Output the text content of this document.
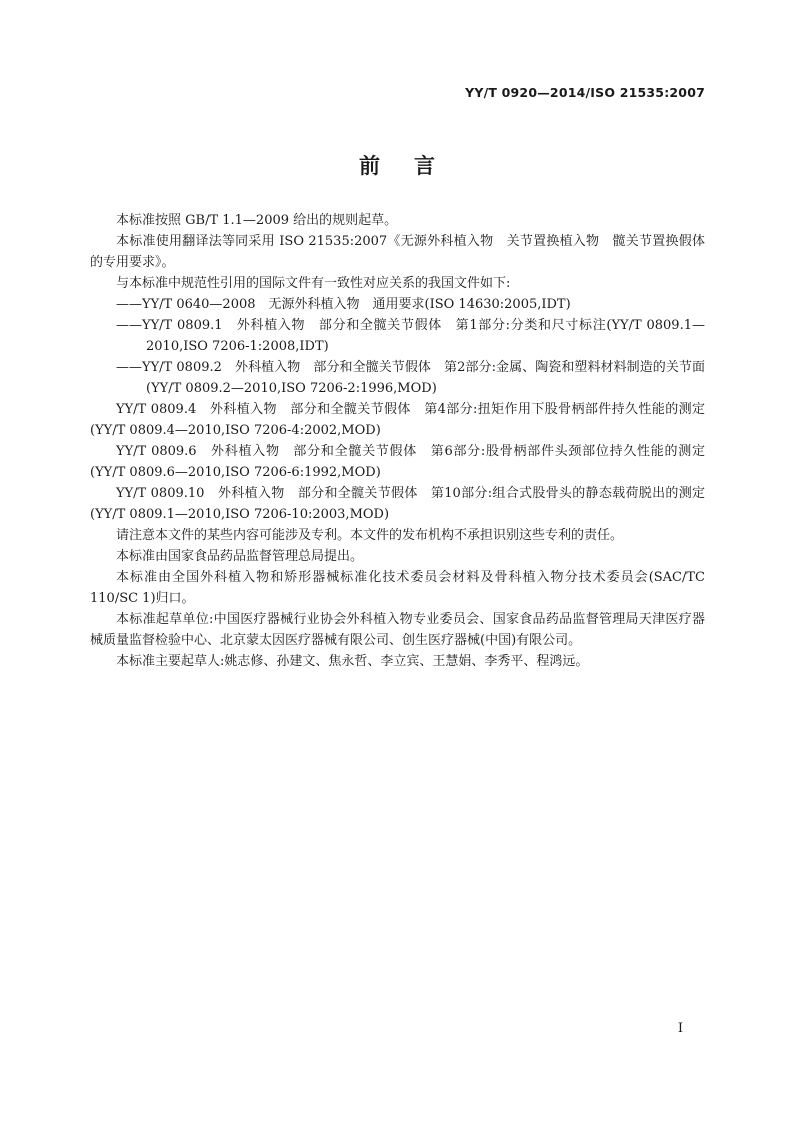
YY/T 0920—2014/ISO 21535:2007
前言

本标准按照 GB/T 1.1—2009 给出的规则起草。

本标准使用翻译法等同采用 ISO 21535:2007《无源外科植入物　关节置换植入物　髋关节置换假体的专用要求》。

与本标准中规范性引用的国际文件有一致性对应关系的我国文件如下:

——YY/T 0640—2008　无源外科植入物　通用要求(ISO 14630:2005,IDT)

——YY/T 0809.1　外科植入物　部分和全髋关节假体　第1部分:分类和尺寸标注(YY/T 0809.1—2010,ISO 7206-1:2008,IDT)

——YY/T 0809.2　外科植入物　部分和全髋关节假体　第2部分:金属、陶瓷和塑料材料制造的关节面(YY/T 0809.2—2010,ISO 7206-2:1996,MOD)

YY/T 0809.4　外科植入物　部分和全髋关节假体　第4部分:扭矩作用下股骨柄部件持久性能的测定(YY/T 0809.4—2010,ISO 7206-4:2002,MOD)

YY/T 0809.6　外科植入物　部分和全髋关节假体　第6部分:股骨柄部件头颈部位持久性能的测定(YY/T 0809.6—2010,ISO 7206-6:1992,MOD)

YY/T 0809.10　外科植入物　部分和全髋关节假体　第10部分:组合式股骨头的静态载荷脱出的测定(YY/T 0809.1—2010,ISO 7206-10:2003,MOD)

请注意本文件的某些内容可能涉及专利。本文件的发布机构不承担识别这些专利的责任。

本标准由国家食品药品监督管理总局提出。

本标准由全国外科植入物和矫形器械标准化技术委员会材料及骨科植入物分技术委员会(SAC/TC 110/SC 1)归口。

本标准起草单位:中国医疗器械行业协会外科植入物专业委员会、国家食品药品监督管理局天津医疗器械质量监督检验中心、北京蒙太因医疗器械有限公司、创生医疗器械(中国)有限公司。

本标准主要起草人:姚志修、孙建文、焦永哲、李立宾、王慧娟、李秀平、程鸿远。

I
